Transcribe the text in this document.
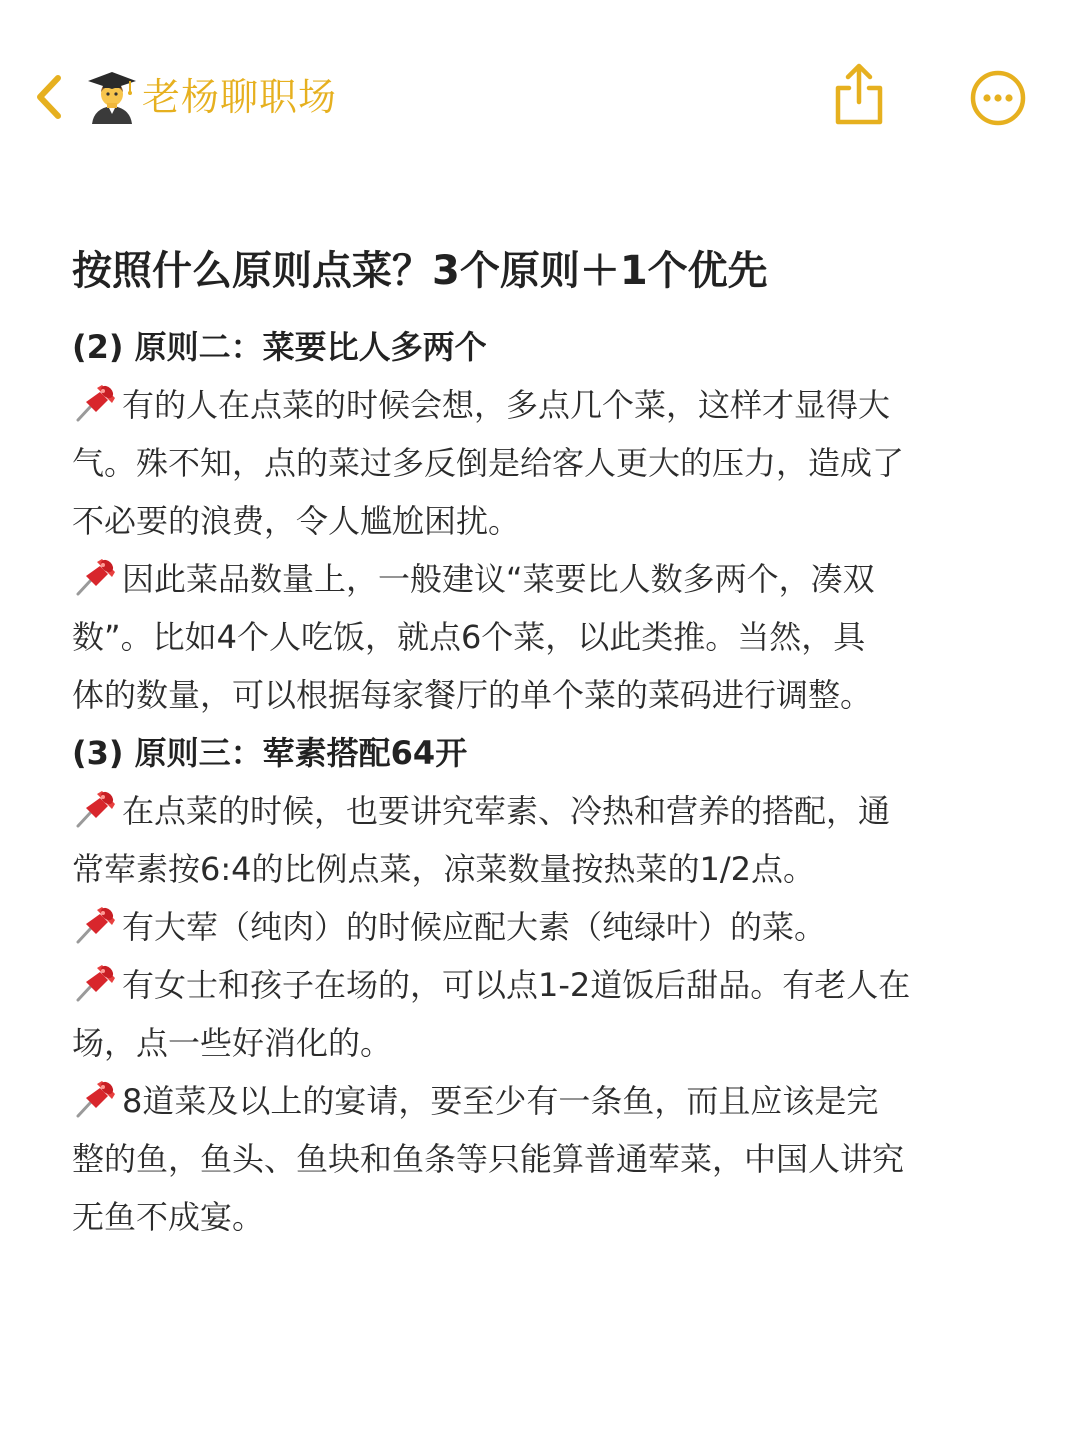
老杨聊职场
按照什么原则点菜？3个原则＋1个优先
(2) 原则二：菜要比人多两个
有的人在点菜的时候会想，多点几个菜，这样才显得大
气。殊不知，点的菜过多反倒是给客人更大的压力，造成了
不必要的浪费，令人尴尬困扰。
因此菜品数量上，一般建议“菜要比人数多两个，凑双
数”。比如4个人吃饭，就点6个菜，以此类推。当然，具
体的数量，可以根据每家餐厅的单个菜的菜码进行调整。
(3) 原则三：荤素搭配64开
在点菜的时候，也要讲究荤素、冷热和营养的搭配，通
常荤素按6:4的比例点菜，凉菜数量按热菜的1/2点。
有大荤（纯肉）的时候应配大素（纯绿叶）的菜。
有女士和孩子在场的，可以点1-2道饭后甜品。有老人在
场，点一些好消化的。
8道菜及以上的宴请，要至少有一条鱼，而且应该是完
整的鱼，鱼头、鱼块和鱼条等只能算普通荤菜，中国人讲究
无鱼不成宴。
